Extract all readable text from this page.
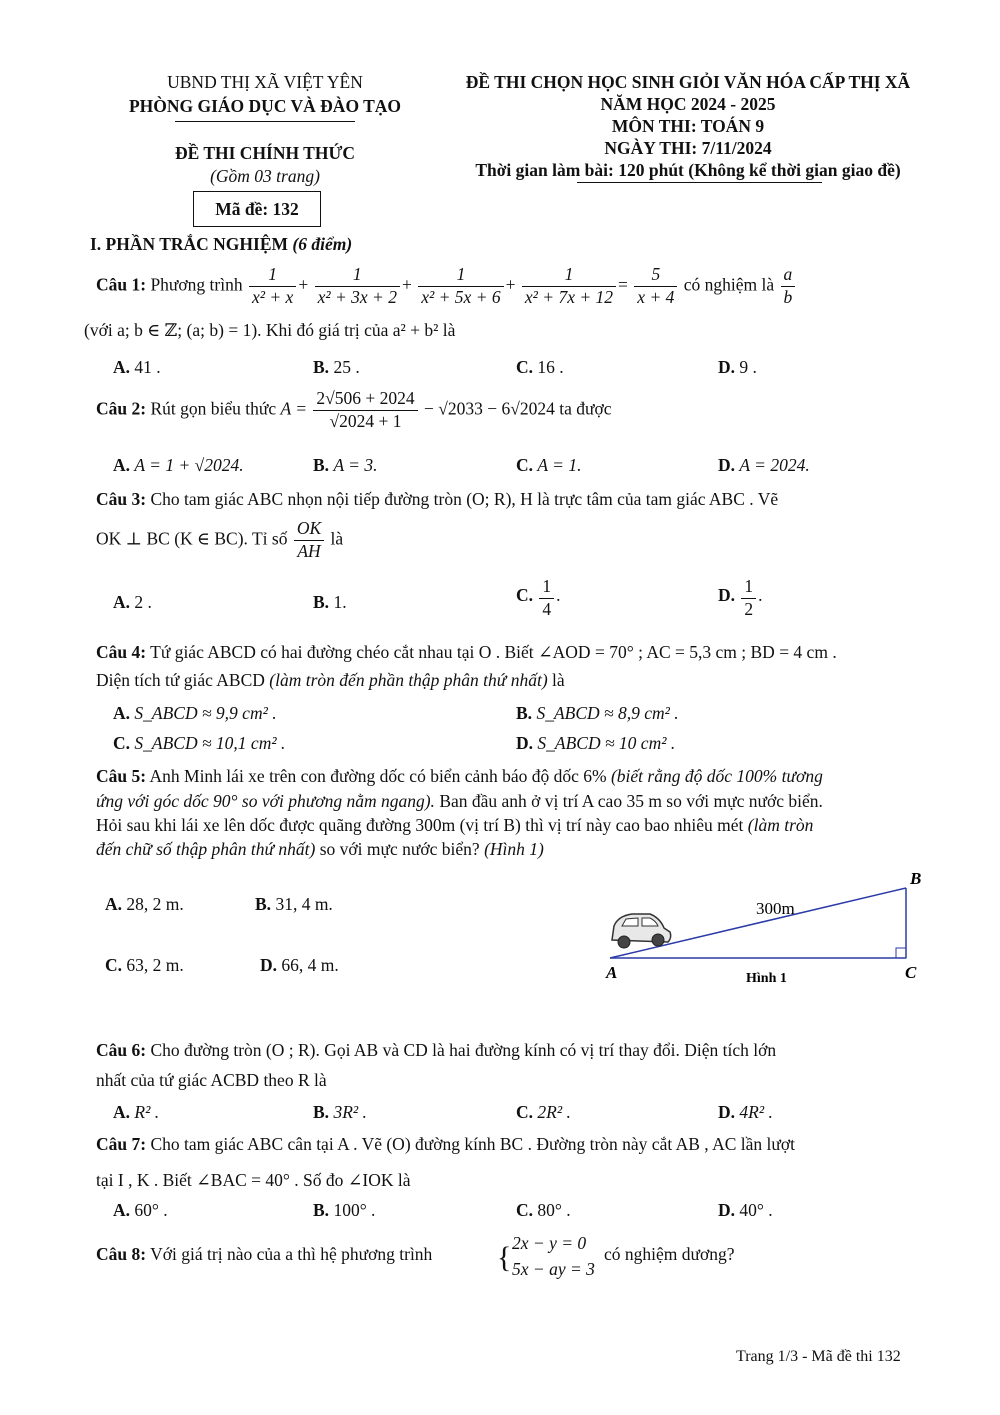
UBND THỊ XÃ VIỆT YÊN
PHÒNG GIÁO DỤC VÀ ĐÀO TẠO
ĐỀ THI CHÍNH THỨC
(Gồm 03 trang)
Mã đề: 132
ĐỀ THI CHỌN HỌC SINH GIỎI VĂN HÓA CẤP THỊ XÃ
NĂM HỌC 2024 - 2025
MÔN THI: TOÁN 9
NGÀY THI: 7/11/2024
Thời gian làm bài: 120 phút (Không kể thời gian giao đề)
I. PHẦN TRẮC NGHIỆM (6 điểm)
Câu 1: Phương trình $\frac{1}{\text{x² + x}} + \frac{1}{\text{x² + 3x + 2}} + \frac{1}{\text{x² + 5x + 6}} + \frac{1}{\text{x² + 7x + 12}} = \frac{5}{x + 4}$ có nghiệm là $\frac{a}{b}$
(với a; b ∈ ℤ; (a; b) = 1). Khi đó giá trị của a² + b² là
A. 41 .	B. 25 .	C. 16 .	D. 9 .
Câu 2: Rút gọn biểu thức $A = \frac{2√506 + 2024}{√2024 + 1} - √2033 - 6√2024$ ta được
A. A = 1 + √2024.	B. A = 3.	C. A = 1.	D. A = 2024.
Câu 3: Cho tam giác ABC nhọn nội tiếp đường tròn (O; R), H là trực tâm của tam giác ABC . Vẽ
OK ⊥ BC (K ∈ BC). Tỉ số $\frac{OK}{AH}$ là
A. 2 .	B. 1.	C. $\frac{1}{4}$ .	D. $\frac{1}{2}$ .
Câu 4: Tứ giác ABCD có hai đường chéo cắt nhau tại O . Biết ∠AOD = 70° ; AC = 5,3 cm ; BD = 4 cm .
Diện tích tứ giác ABCD (làm tròn đến phần thập phân thứ nhất) là
A. S_ABCD ≈ 9,9 cm² .	B. S_ABCD ≈ 8,9 cm² .
C. S_ABCD ≈ 10,1 cm² .	D. S_ABCD ≈ 10 cm² .
Câu 5: Anh Minh lái xe trên con đường dốc có biển cảnh báo độ dốc 6% (biết rằng độ dốc 100% tương
ứng với góc dốc 90° so với phương nằm ngang). Ban đầu anh ở vị trí A cao 35 m so với mực nước biển.
Hỏi sau khi lái xe lên dốc được quãng đường 300m (vị trí B) thì vị trí này cao bao nhiêu mét (làm tròn
đến chữ số thập phân thứ nhất) so với mực nước biển? (Hình 1)
A. 28, 2 m.	B. 31, 4 m.
C. 63, 2 m.	D. 66, 4 m.
B
A	C
300m
Hình 1
Câu 6: Cho đường tròn (O ; R). Gọi AB và CD là hai đường kính có vị trí thay đổi. Diện tích lớn
nhất của tứ giác ACBD theo R là
A. R² .	B. 3R² .	C. 2R² .	D. 4R² .
Câu 7: Cho tam giác ABC cân tại A . Vẽ (O) đường kính BC . Đường tròn này cắt AB , AC lần lượt
tại I , K . Biết ∠BAC = 40° . Số đo ∠IOK là
A. 60° .	B. 100° .	C. 80° .	D. 40° .
Câu 8: Với giá trị nào của a thì hệ phương trình	{ 2x − y = 0
5x − ay = 3
có nghiệm dương?
Trang 1/3 - Mã đề thi 132
